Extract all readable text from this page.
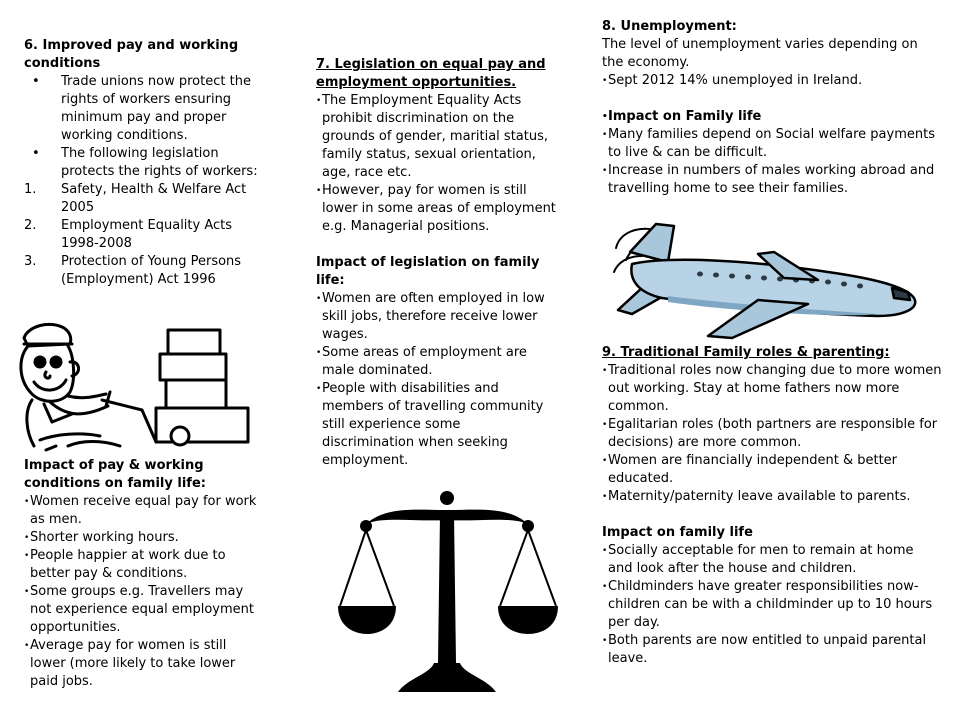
6. Improved pay and working conditions

• Trade unions now protect the rights of workers ensuring minimum pay and proper working conditions.
• The following legislation protects the rights of workers:
1. Safety, Health & Welfare Act 2005
2. Employment Equality Acts 1998-2008
3. Protection of Young Persons (Employment) Act 1996

Impact of pay & working conditions on family life:

• Women receive equal pay for work as men.
• Shorter working hours.
• People happier at work due to better pay & conditions.
• Some groups e.g. Travellers may not experience equal employment opportunities.
• Average pay for women is still lower (more likely to take lower paid jobs.

7. Legislation on equal pay and employment opportunities.

• The Employment Equality Acts prohibit discrimination on the grounds of gender, maritial status, family status, sexual orientation, age, race etc.
• However, pay for women is still lower in some areas of employment e.g. Managerial positions.

Impact of legislation on family life:

• Women are often employed in low skill jobs, therefore receive lower wages.
• Some areas of employment are male dominated.
• People with disabilities and members of travelling community still experience some discrimination when seeking employment.

8. Unemployment:

The level of unemployment varies depending on the economy.

• Sept 2012 14% unemployed in Ireland.
• Impact on Family life
• Many families depend on Social welfare payments to live & can be difficult.
• Increase in numbers of males working abroad and travelling home to see their families.

9. Traditional Family roles & parenting:

• Traditional roles now changing due to more women out working. Stay at home fathers now more common.
• Egalitarian roles (both partners are responsible for decisions) are more common.
• Women are financially independent & better educated.
• Maternity/paternity leave available to parents.

Impact on family life

• Socially acceptable for men to remain at home and look after the house and children.
• Childminders have greater responsibilities now- children can be with a childminder up to 10 hours per day.
• Both parents are now entitled to unpaid parental leave.
